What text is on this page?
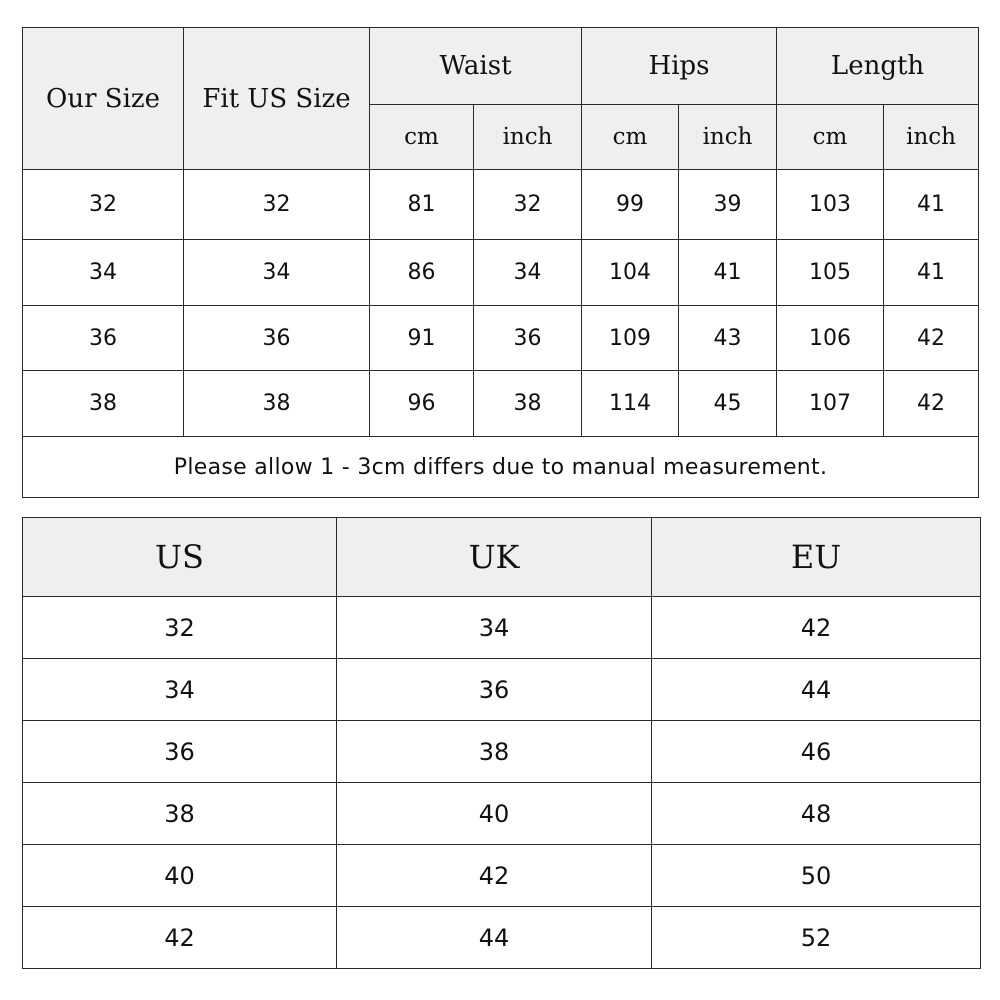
Our Size	Fit US Size	Waist		Hips		Length	
		cm	inch	cm	inch	cm	inch
32	32	81	32	99	39	103	41
34	34	86	34	104	41	105	41
36	36	91	36	109	43	106	42
38	38	96	38	114	45	107	42
Please allow 1 - 3cm differs due to manual measurement.							
US	UK	EU
32	34	42
34	36	44
36	38	46
38	40	48
40	42	50
42	44	52
